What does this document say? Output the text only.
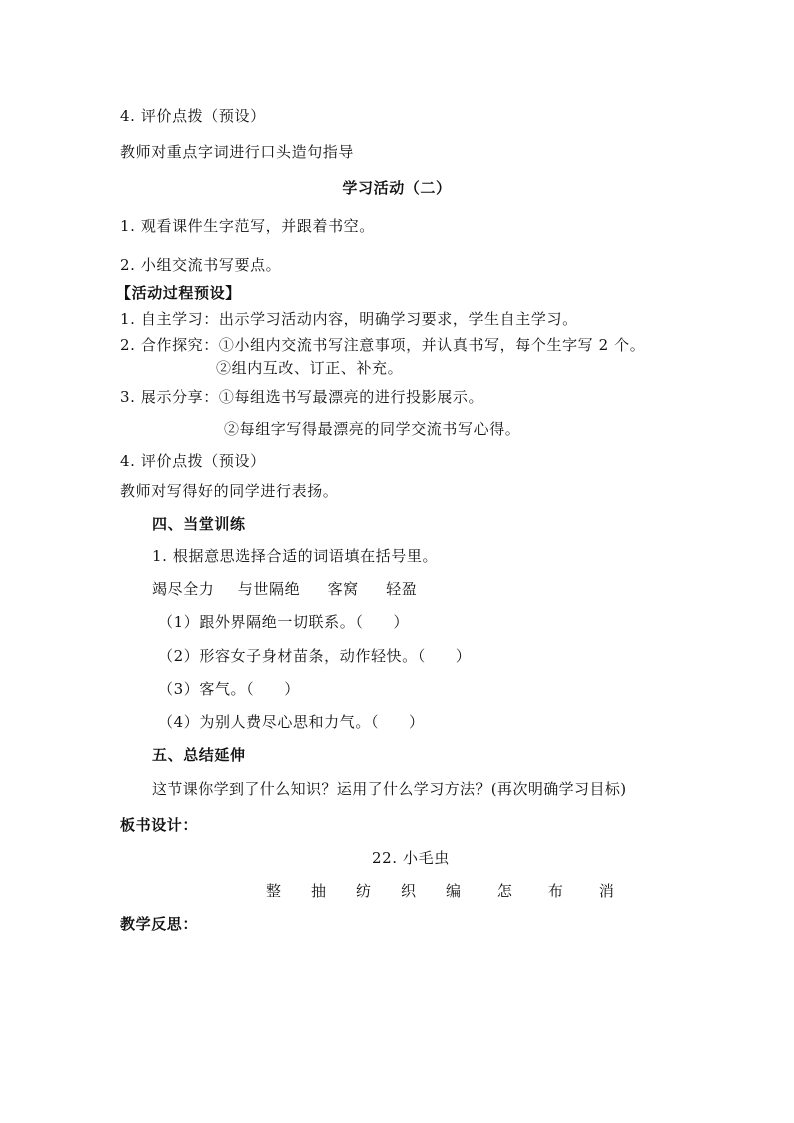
4. 评价点拨（预设）
教师对重点字词进行口头造句指导
学习活动（二）
1. 观看课件生字范写，并跟着书空。
2. 小组交流书写要点。
【活动过程预设】
1. 自主学习：出示学习活动内容，明确学习要求，学生自主学习。
2. 合作探究：①小组内交流书写注意事项，并认真书写，每个生字写 2 个。
②组内互改、订正、补充。
3. 展示分享：①每组选书写最漂亮的进行投影展示。
②每组字写得最漂亮的同学交流书写心得。
4. 评价点拨（预设）
教师对写得好的同学进行表扬。
四、当堂训练
1. 根据意思选择合适的词语填在括号里。
竭尽全力 与世隔绝 客窝 轻盈
（1）跟外界隔绝一切联系。（ ）
（2）形容女子身材苗条，动作轻快。（ ）
（3）客气。（ ）
（4）为别人费尽心思和力气。（ ）
五、总结延伸
这节课你学到了什么知识？运用了什么学习方法？(再次明确学习目标)
板书设计：
22. 小毛虫
整 抽 纺 织 编 怎 布 消
教学反思：
